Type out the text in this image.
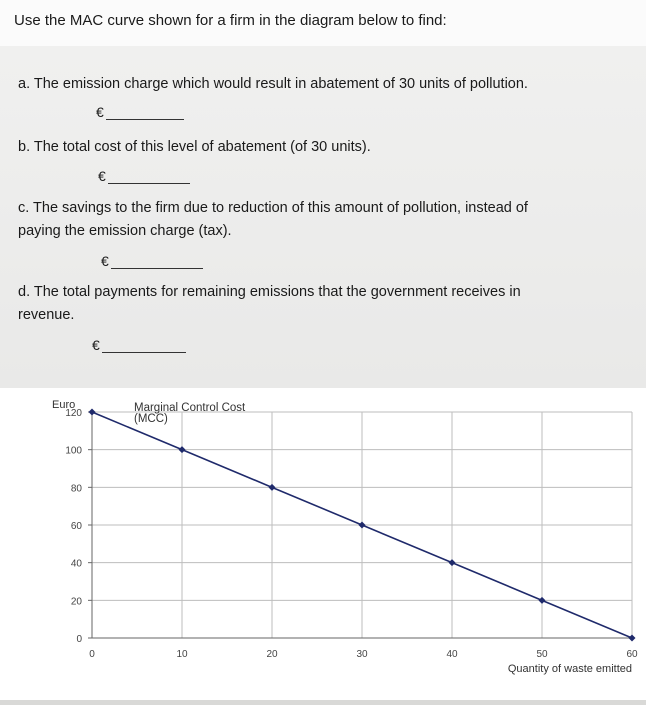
Use the MAC curve shown for a firm in the diagram below to find:
a. The emission charge which would result in abatement of 30 units of pollution.
€
b. The total cost of this level of abatement (of 30 units).
€
c. The savings to the firm due to reduction of this amount of pollution, instead of
paying the emission charge (tax).
€
d. The total payments for remaining emissions that the government receives in
revenue.
€
0
20
40
60
80
100
120
0	10	20	30	40	50	60
Euro
Quantity of waste emitted
Marginal Control Cost
(MCC)
